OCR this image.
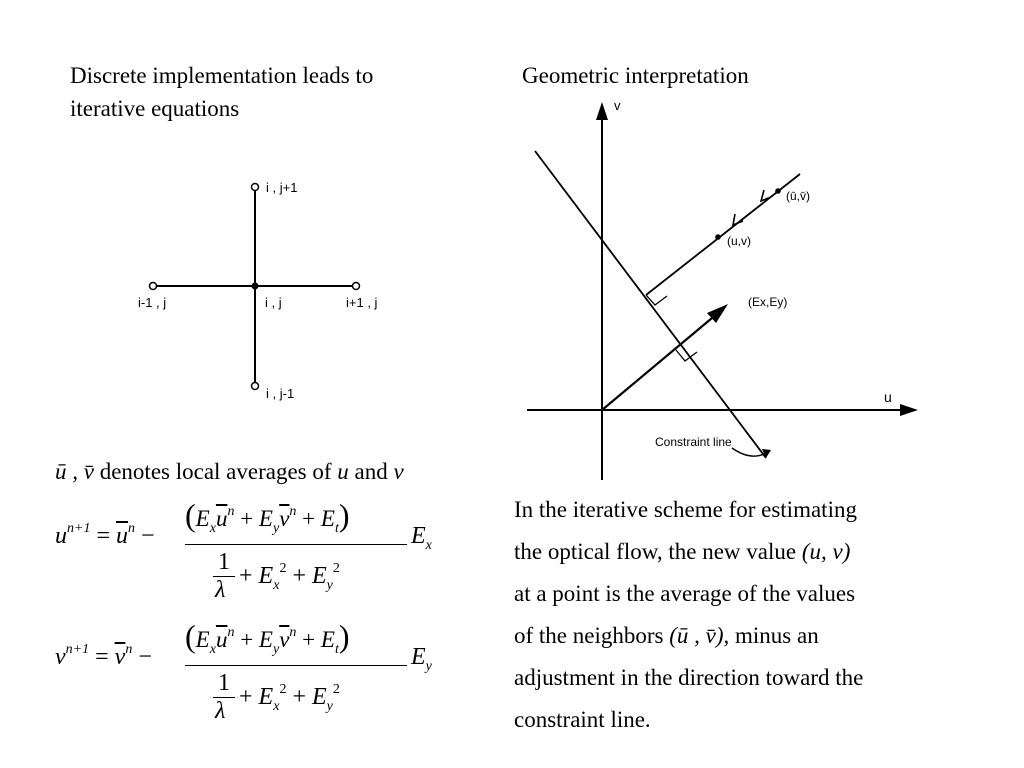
Discrete implementation leads to
iterative equations
Geometric interpretation
i , j+1
i-1 , j	i , j	i+1 , j
i , j-1
v
u
(ū,v̄)
(u,v)
(Ex,Ey)
Constraint line
ū , v̄ denotes local averages of u and v
$u^{n+1} = \overline{u}^n$ −
$(E_x\overline{u}^n + E_y\overline{v}^n + E_t)$
1
λ
+ $E_x^2 + E_y^2$
$E_x$
$v^{n+1} = \overline{v}^n$ −
$(E_x\overline{u}^n + E_y\overline{v}^n + E_t)$
1
λ
+ $E_x^2 + E_y^2$
$E_y$
In the iterative scheme for estimating
the optical flow, the new value (u, v)
at a point is the average of the values
of the neighbors (ū , v̄), minus an
adjustment in the direction toward the
constraint line.
